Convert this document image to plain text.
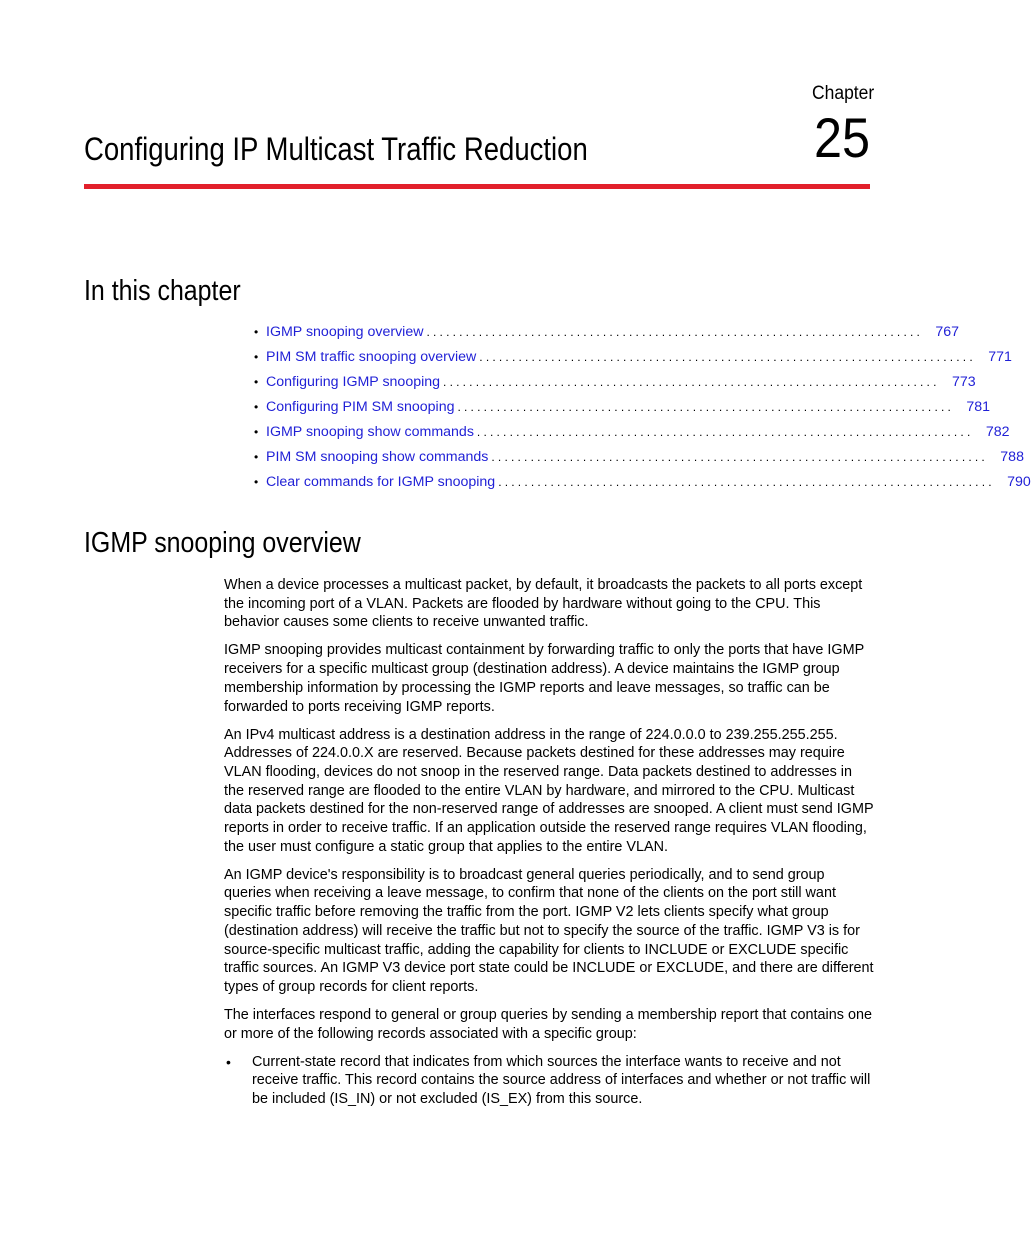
Chapter
25
Configuring IP Multicast Traffic Reduction
In this chapter
• IGMP snooping overview ............................................................................ 767
• PIM SM traffic snooping overview ............................................................................ 771
• Configuring IGMP snooping ............................................................................ 773
• Configuring PIM SM snooping ............................................................................ 781
• IGMP snooping show commands ............................................................................ 782
• PIM SM snooping show commands ............................................................................ 788
• Clear commands for IGMP snooping ............................................................................ 790
IGMP snooping overview

When a device processes a multicast packet, by default, it broadcasts the packets to all ports except the incoming port of a VLAN. Packets are flooded by hardware without going to the CPU. This behavior causes some clients to receive unwanted traffic.

IGMP snooping provides multicast containment by forwarding traffic to only the ports that have IGMP receivers for a specific multicast group (destination address). A device maintains the IGMP group membership information by processing the IGMP reports and leave messages, so traffic can be forwarded to ports receiving IGMP reports.

An IPv4 multicast address is a destination address in the range of 224.0.0.0 to 239.255.255.255. Addresses of 224.0.0.X are reserved. Because packets destined for these addresses may require VLAN flooding, devices do not snoop in the reserved range. Data packets destined to addresses in the reserved range are flooded to the entire VLAN by hardware, and mirrored to the CPU. Multicast data packets destined for the non-reserved range of addresses are snooped. A client must send IGMP reports in order to receive traffic. If an application outside the reserved range requires VLAN flooding, the user must configure a static group that applies to the entire VLAN.

An IGMP device's responsibility is to broadcast general queries periodically, and to send group queries when receiving a leave message, to confirm that none of the clients on the port still want specific traffic before removing the traffic from the port. IGMP V2 lets clients specify what group (destination address) will receive the traffic but not to specify the source of the traffic. IGMP V3 is for source-specific multicast traffic, adding the capability for clients to INCLUDE or EXCLUDE specific traffic sources. An IGMP V3 device port state could be INCLUDE or EXCLUDE, and there are different types of group records for client reports.

The interfaces respond to general or group queries by sending a membership report that contains one or more of the following records associated with a specific group:

• Current-state record that indicates from which sources the interface wants to receive and not receive traffic. This record contains the source address of interfaces and whether or not traffic will be included (IS_IN) or not excluded (IS_EX) from this source.
